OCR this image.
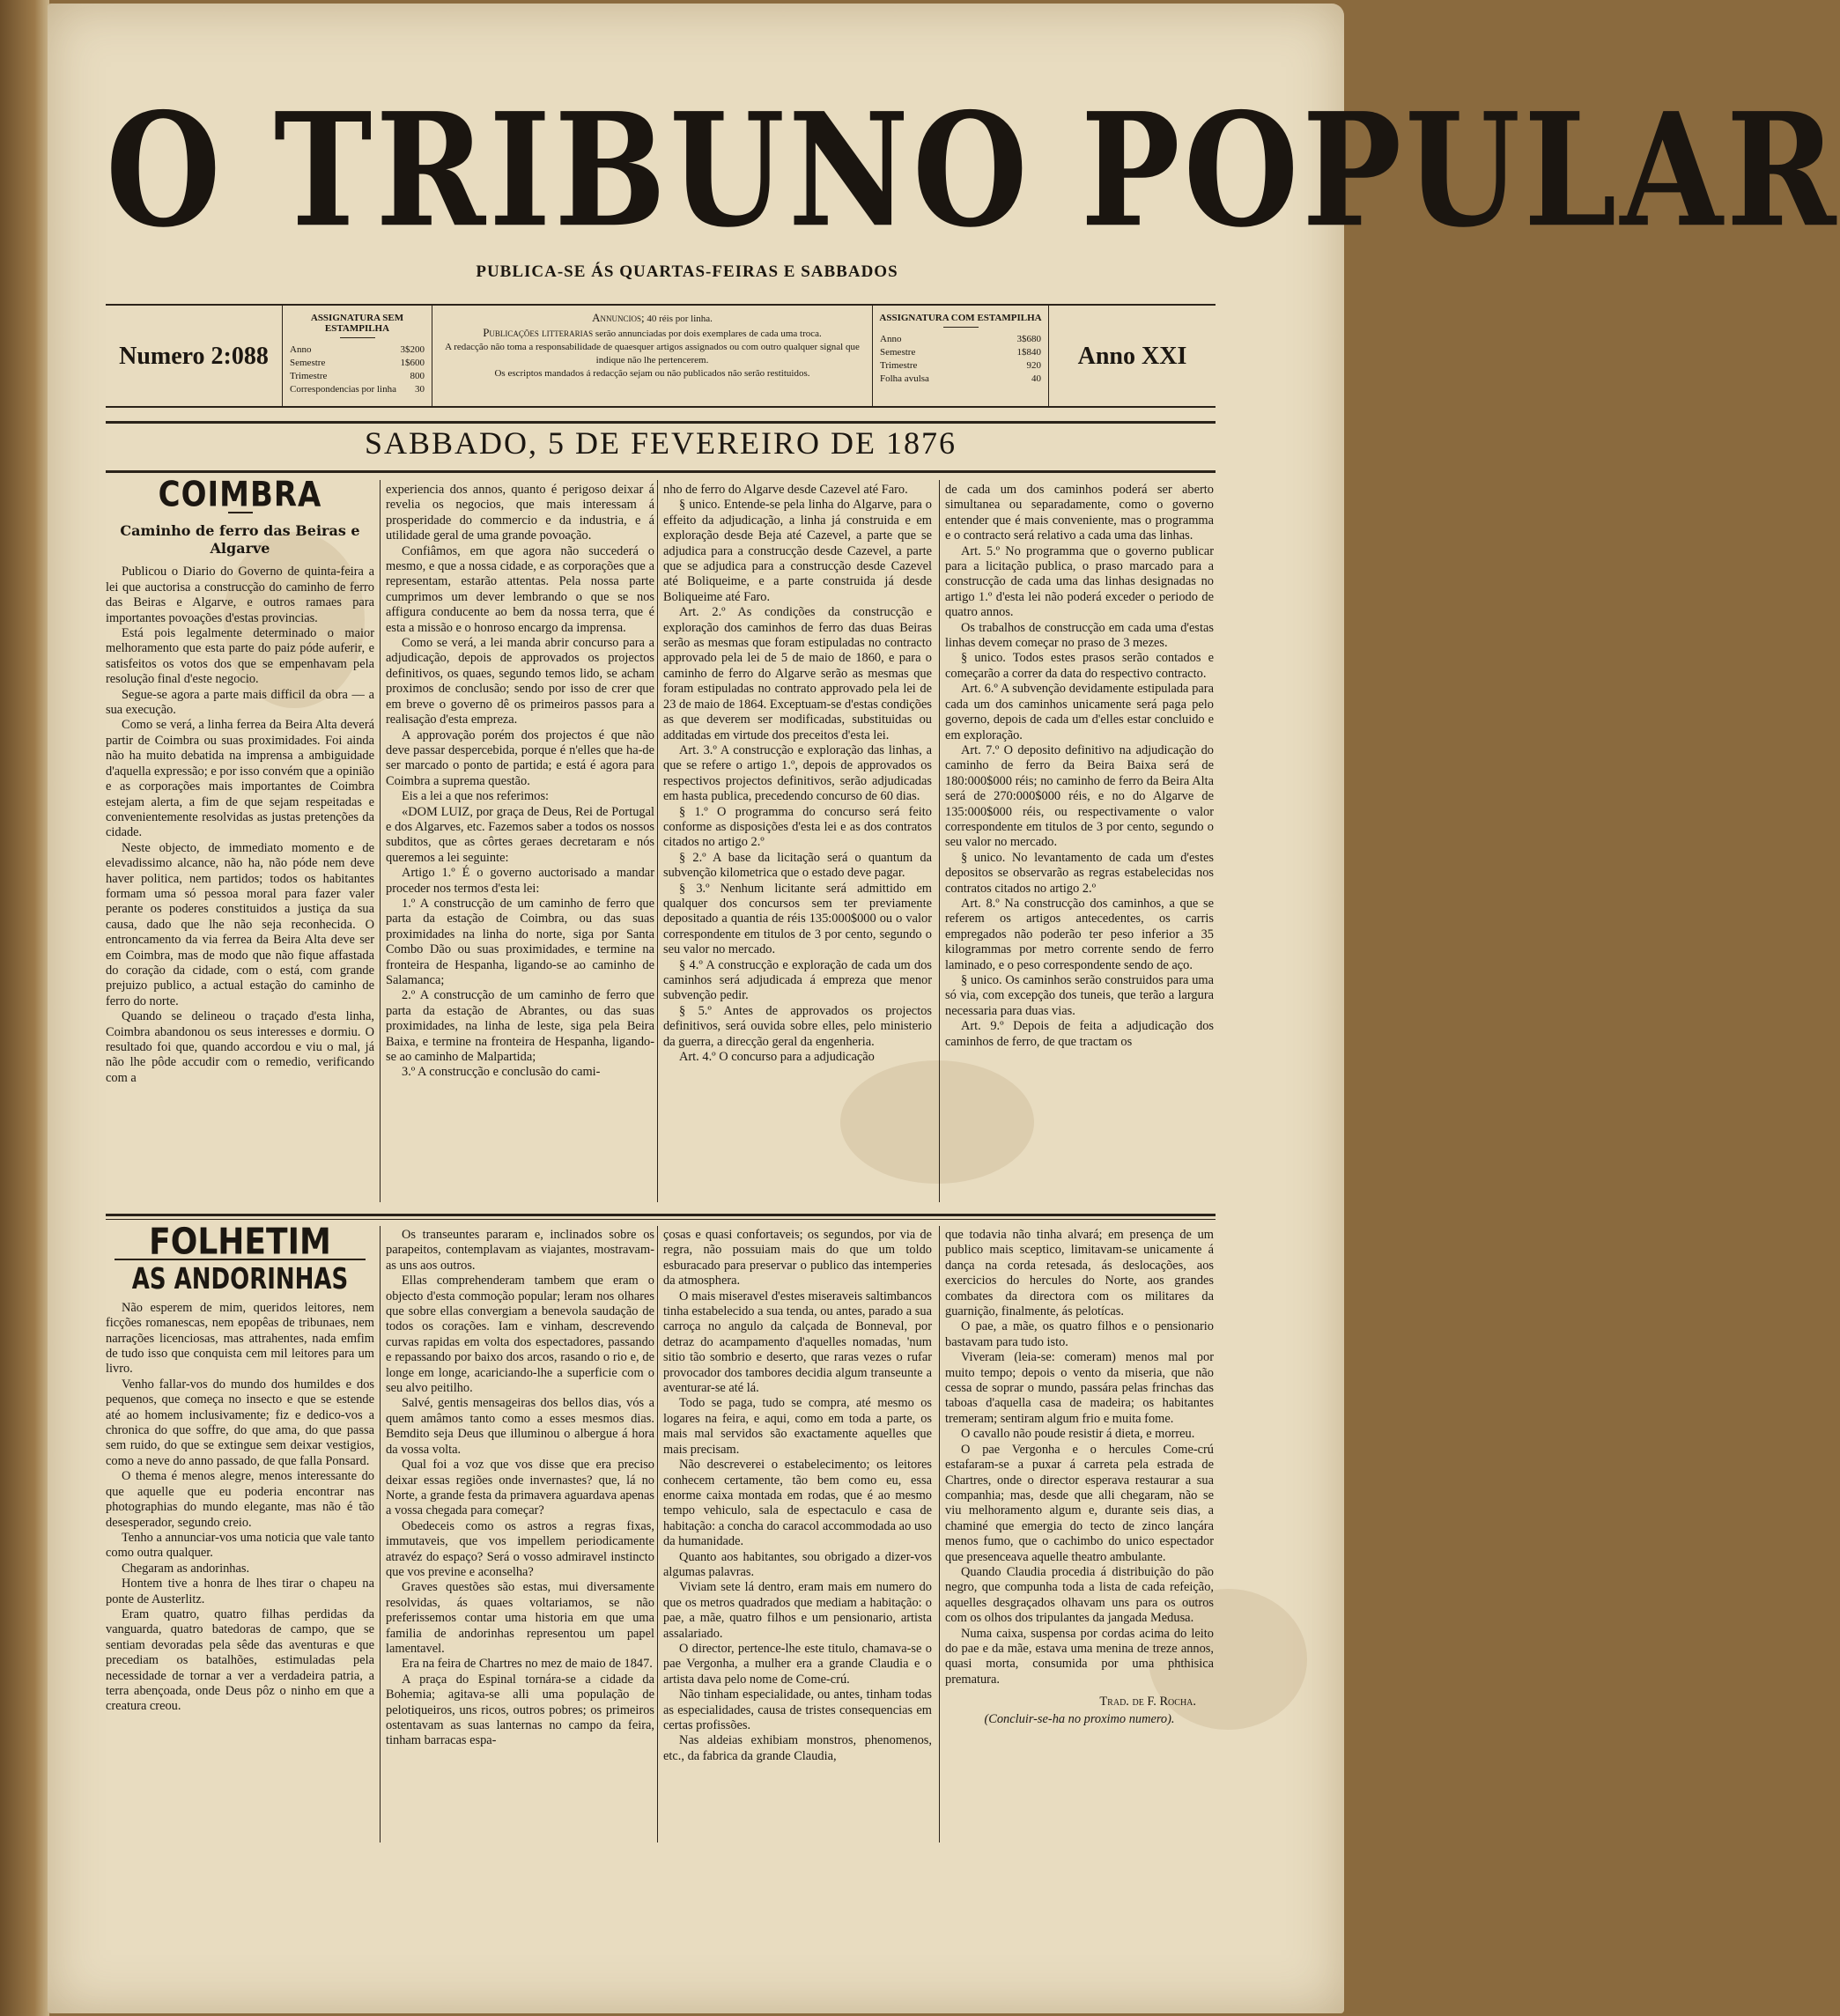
O TRIBUNO POPULAR
PUBLICA-SE ÁS QUARTAS-FEIRAS E SABBADOS
Numero 2:088
ASSIGNATURA SEM ESTAMPILHA
Anno	3$200
Semestre	1$600
Trimestre	800
Correspondencias por linha 30
Annuncios; 40 réis por linha.
Publicações litterarias serão annunciadas por dois exemplares de cada uma troca.
A redacção não toma a responsabilidade de quaesquer artigos assignados ou com outro qualquer signal que indique não lhe pertencerem.
Os escriptos mandados á redacção sejam ou não publicados não serão restituidos.
ASSIGNATURA COM ESTAMPILHA
Anno	3$680
Semestre	1$840
Trimestre	920
Folha avulsa	40
Anno XXI
SABBADO, 5 DE FEVEREIRO DE 1876
COIMBRA
Caminho de ferro das Beiras e Algarve

Publicou o Diario do Governo de quinta-feira a lei que auctorisa a construcção do caminho de ferro das Beiras e Algarve, e outros ramaes para importantes povoações d'estas provincias.

Está pois legalmente determinado o maior melhoramento que esta parte do paiz póde auferir, e satisfeitos os votos dos que se empenhavam pela resolução final d'este negocio.

Segue-se agora a parte mais difficil da obra — a sua execução.

Como se verá, a linha ferrea da Beira Alta deverá partir de Coimbra ou suas proximidades. Foi ainda não ha muito debatida na imprensa a ambiguidade d'aquella expressão; e por isso convém que a opinião e as corporações mais importantes de Coimbra estejam alerta, a fim de que sejam respeitadas e convenientemente resolvidas as justas pretenções da cidade.

Neste objecto, de immediato momento e de elevadissimo alcance, não ha, não póde nem deve haver politica, nem partidos; todos os habitantes formam uma só pessoa moral para fazer valer perante os poderes constituidos a justiça da sua causa, dado que lhe não seja reconhecida. O entroncamento da via ferrea da Beira Alta deve ser em Coimbra, mas de modo que não fique affastada do coração da cidade, com o está, com grande prejuizo publico, a actual estação do caminho de ferro do norte.

Quando se delineou o traçado d'esta linha, Coimbra abandonou os seus interesses e dormiu. O resultado foi que, quando accordou e viu o mal, já não lhe pôde accudir com o remedio, verificando com a

experiencia dos annos, quanto é perigoso deixar á revelia os negocios, que mais interessam á prosperidade do commercio e da industria, e á utilidade geral de uma grande povoação.

Confiâmos, em que agora não succederá o mesmo, e que a nossa cidade, e as corporações que a representam, estarão attentas. Pela nossa parte cumprimos um dever lembrando o que se nos affigura conducente ao bem da nossa terra, que é esta a missão e o honroso encargo da imprensa.

Como se verá, a lei manda abrir concurso para a adjudicação, depois de approvados os projectos definitivos, os quaes, segundo temos lido, se acham proximos de conclusão; sendo por isso de crer que em breve o governo dê os primeiros passos para a realisação d'esta empreza.

A approvação porém dos projectos é que não deve passar despercebida, porque é n'elles que ha-de ser marcado o ponto de partida; e está é agora para Coimbra a suprema questão.

Eis a lei a que nos referimos:

«DOM LUIZ, por graça de Deus, Rei de Portugal e dos Algarves, etc. Fazemos saber a todos os nossos subditos, que as côrtes geraes decretaram e nós queremos a lei seguinte:

Artigo 1.º É o governo auctorisado a mandar proceder nos termos d'esta lei:

1.º A construcção de um caminho de ferro que parta da estação de Coimbra, ou das suas proximidades na linha do norte, siga por Santa Combo Dão ou suas proximidades, e termine na fronteira de Hespanha, ligando-se ao caminho de Salamanca;

2.º A construcção de um caminho de ferro que parta da estação de Abrantes, ou das suas proximidades, na linha de leste, siga pela Beira Baixa, e termine na fronteira de Hespanha, ligando-se ao caminho de Malpartida;

3.º A construcção e conclusão do cami-

nho de ferro do Algarve desde Cazevel até Faro.

§ unico. Entende-se pela linha do Algarve, para o effeito da adjudicação, a linha já construida e em exploração desde Beja até Cazevel, a parte que se adjudica para a construcção desde Cazevel, a parte que se adjudica para a construcção desde Cazevel até Boliqueime, e a parte construida já desde Boliqueime até Faro.

Art. 2.º As condições da construcção e exploração dos caminhos de ferro das duas Beiras serão as mesmas que foram estipuladas no contracto approvado pela lei de 5 de maio de 1860, e para o caminho de ferro do Algarve serão as mesmas que foram estipuladas no contrato approvado pela lei de 23 de maio de 1864. Exceptuam-se d'estas condições as que deverem ser modificadas, substituidas ou additadas em virtude dos preceitos d'esta lei.

Art. 3.º A construcção e exploração das linhas, a que se refere o artigo 1.º, depois de approvados os respectivos projectos definitivos, serão adjudicadas em hasta publica, precedendo concurso de 60 dias.

§ 1.º O programma do concurso será feito conforme as disposições d'esta lei e as dos contratos citados no artigo 2.º

§ 2.º A base da licitação será o quantum da subvenção kilometrica que o estado deve pagar.

§ 3.º Nenhum licitante será admittido em qualquer dos concursos sem ter previamente depositado a quantia de réis 135:000$000 ou o valor correspondente em titulos de 3 por cento, segundo o seu valor no mercado.

§ 4.º A construcção e exploração de cada um dos caminhos será adjudicada á empreza que menor subvenção pedir.

§ 5.º Antes de approvados os projectos definitivos, será ouvida sobre elles, pelo ministerio da guerra, a direcção geral da engenheria.

Art. 4.º O concurso para a adjudicação

de cada um dos caminhos poderá ser aberto simultanea ou separadamente, como o governo entender que é mais conveniente, mas o programma e o contracto será relativo a cada uma das linhas.

Art. 5.º No programma que o governo publicar para a licitação publica, o praso marcado para a construcção de cada uma das linhas designadas no artigo 1.º d'esta lei não poderá exceder o periodo de quatro annos.

Os trabalhos de construcção em cada uma d'estas linhas devem começar no praso de 3 mezes.

§ unico. Todos estes prasos serão contados e começarão a correr da data do respectivo contracto.

Art. 6.º A subvenção devidamente estipulada para cada um dos caminhos unicamente será paga pelo governo, depois de cada um d'elles estar concluido e em exploração.

Art. 7.º O deposito definitivo na adjudicação do caminho de ferro da Beira Baixa será de 180:000$000 réis; no caminho de ferro da Beira Alta será de 270:000$000 réis, e no do Algarve de 135:000$000 réis, ou respectivamente o valor correspondente em titulos de 3 por cento, segundo o seu valor no mercado.

§ unico. No levantamento de cada um d'estes depositos se observarão as regras estabelecidas nos contratos citados no artigo 2.º

Art. 8.º Na construcção dos caminhos, a que se referem os artigos antecedentes, os carris empregados não poderão ter peso inferior a 35 kilogrammas por metro corrente sendo de ferro laminado, e o peso correspondente sendo de aço.

§ unico. Os caminhos serão construidos para uma só via, com excepção dos tuneis, que terão a largura necessaria para duas vias.

Art. 9.º Depois de feita a adjudicação dos caminhos de ferro, de que tractam os

FOLHETIM
AS ANDORINHAS

Não esperem de mim, queridos leitores, nem ficções romanescas, nem epopêas de tribunaes, nem narrações licenciosas, mas attrahentes, nada emfim de tudo isso que conquista cem mil leitores para um livro.

Venho fallar-vos do mundo dos humildes e dos pequenos, que começa no insecto e que se estende até ao homem inclusivamente; fiz e dedico-vos a chronica do que soffre, do que ama, do que passa sem ruido, do que se extingue sem deixar vestigios, como a neve do anno passado, de que falla Ponsard.

O thema é menos alegre, menos interessante do que aquelle que eu poderia encontrar nas photographias do mundo elegante, mas não é tão desesperador, segundo creio.

Tenho a annunciar-vos uma noticia que vale tanto como outra qualquer.

Chegaram as andorinhas.

Hontem tive a honra de lhes tirar o chapeu na ponte de Austerlitz.

Eram quatro, quatro filhas perdidas da vanguarda, quatro batedoras de campo, que se sentiam devoradas pela sêde das aventuras e que precediam os batalhões, estimuladas pela necessidade de tornar a ver a verdadeira patria, a terra abençoada, onde Deus pôz o ninho em que a creatura creou.

Os transeuntes pararam e, inclinados sobre os parapeitos, contemplavam as viajantes, mostravam-as uns aos outros.

Ellas comprehenderam tambem que eram o objecto d'esta commoção popular; leram nos olhares que sobre ellas convergiam a benevola saudação de todos os corações. Iam e vinham, descrevendo curvas rapidas em volta dos espectadores, passando e repassando por baixo dos arcos, rasando o rio e, de longe em longe, acariciando-lhe a superficie com o seu alvo peitilho.

Salvé, gentis mensageiras dos bellos dias, vós a quem amâmos tanto como a esses mesmos dias. Bemdito seja Deus que illuminou o albergue á hora da vossa volta.

Qual foi a voz que vos disse que era preciso deixar essas regiões onde invernastes? que, lá no Norte, a grande festa da primavera aguardava apenas a vossa chegada para começar?

Obedeceis como os astros a regras fixas, immutaveis, que vos impellem periodicamente atravéz do espaço? Será o vosso admiravel instincto que vos previne e aconselha?

Graves questões são estas, mui diversamente resolvidas, ás quaes voltariamos, se não preferissemos contar uma historia em que uma familia de andorinhas representou um papel lamentavel.

Era na feira de Chartres no mez de maio de 1847.

A praça do Espinal tornára-se a cidade da Bohemia; agitava-se alli uma população de pelotiqueiros, uns ricos, outros pobres; os primeiros ostentavam as suas lanternas no campo da feira, tinham barracas espa-

çosas e quasi confortaveis; os segundos, por via de regra, não possuiam mais do que um toldo esburacado para preservar o publico das intemperies da atmosphera.

O mais miseravel d'estes miseraveis saltimbancos tinha estabelecido a sua tenda, ou antes, parado a sua carroça no angulo da calçada de Bonneval, por detraz do acampamento d'aquelles nomadas, 'num sitio tão sombrio e deserto, que raras vezes o rufar provocador dos tambores decidia algum transeunte a aventurar-se até lá.

Todo se paga, tudo se compra, até mesmo os logares na feira, e aqui, como em toda a parte, os mais mal servidos são exactamente aquelles que mais precisam.

Não descreverei o estabelecimento; os leitores conhecem certamente, tão bem como eu, essa enorme caixa montada em rodas, que é ao mesmo tempo vehiculo, sala de espectaculo e casa de habitação: a concha do caracol accommodada ao uso da humanidade.

Quanto aos habitantes, sou obrigado a dizer-vos algumas palavras.

Viviam sete lá dentro, eram mais em numero do que os metros quadrados que mediam a habitação: o pae, a mãe, quatro filhos e um pensionario, artista assalariado.

O director, pertence-lhe este titulo, chamava-se o pae Vergonha, a mulher era a grande Claudia e o artista dava pelo nome de Come-crú.

Não tinham especialidade, ou antes, tinham todas as especialidades, causa de tristes consequencias em certas profissões.

Nas aldeias exhibiam monstros, phenomenos, etc., da fabrica da grande Claudia,

que todavia não tinha alvará; em presença de um publico mais sceptico, limitavam-se unicamente á dança na corda retesada, ás deslocações, aos exercicios do hercules do Norte, aos grandes combates da directora com os militares da guarnição, finalmente, ás pelotícas.

O pae, a mãe, os quatro filhos e o pensionario bastavam para tudo isto.

Viveram (leia-se: comeram) menos mal por muito tempo; depois o vento da miseria, que não cessa de soprar o mundo, passára pelas frinchas das taboas d'aquella casa de madeira; os habitantes tremeram; sentiram algum frio e muita fome.

O cavallo não poude resistir á dieta, e morreu.

O pae Vergonha e o hercules Come-crú estafaram-se a puxar á carreta pela estrada de Chartres, onde o director esperava restaurar a sua companhia; mas, desde que alli chegaram, não se viu melhoramento algum e, durante seis dias, a chaminé que emergia do tecto de zinco lançára menos fumo, que o cachimbo do unico espectador que presenceava aquelle theatro ambulante.

Quando Claudia procedia á distribuição do pão negro, que compunha toda a lista de cada refeição, aquelles desgraçados olhavam uns para os outros com os olhos dos tripulantes da jangada Medusa.

Numa caixa, suspensa por cordas acima do leito do pae e da mãe, estava uma menina de treze annos, quasi morta, consumida por uma phthisica prematura.

Trad. de F. Rocha.
(Concluir-se-ha no proximo numero).
